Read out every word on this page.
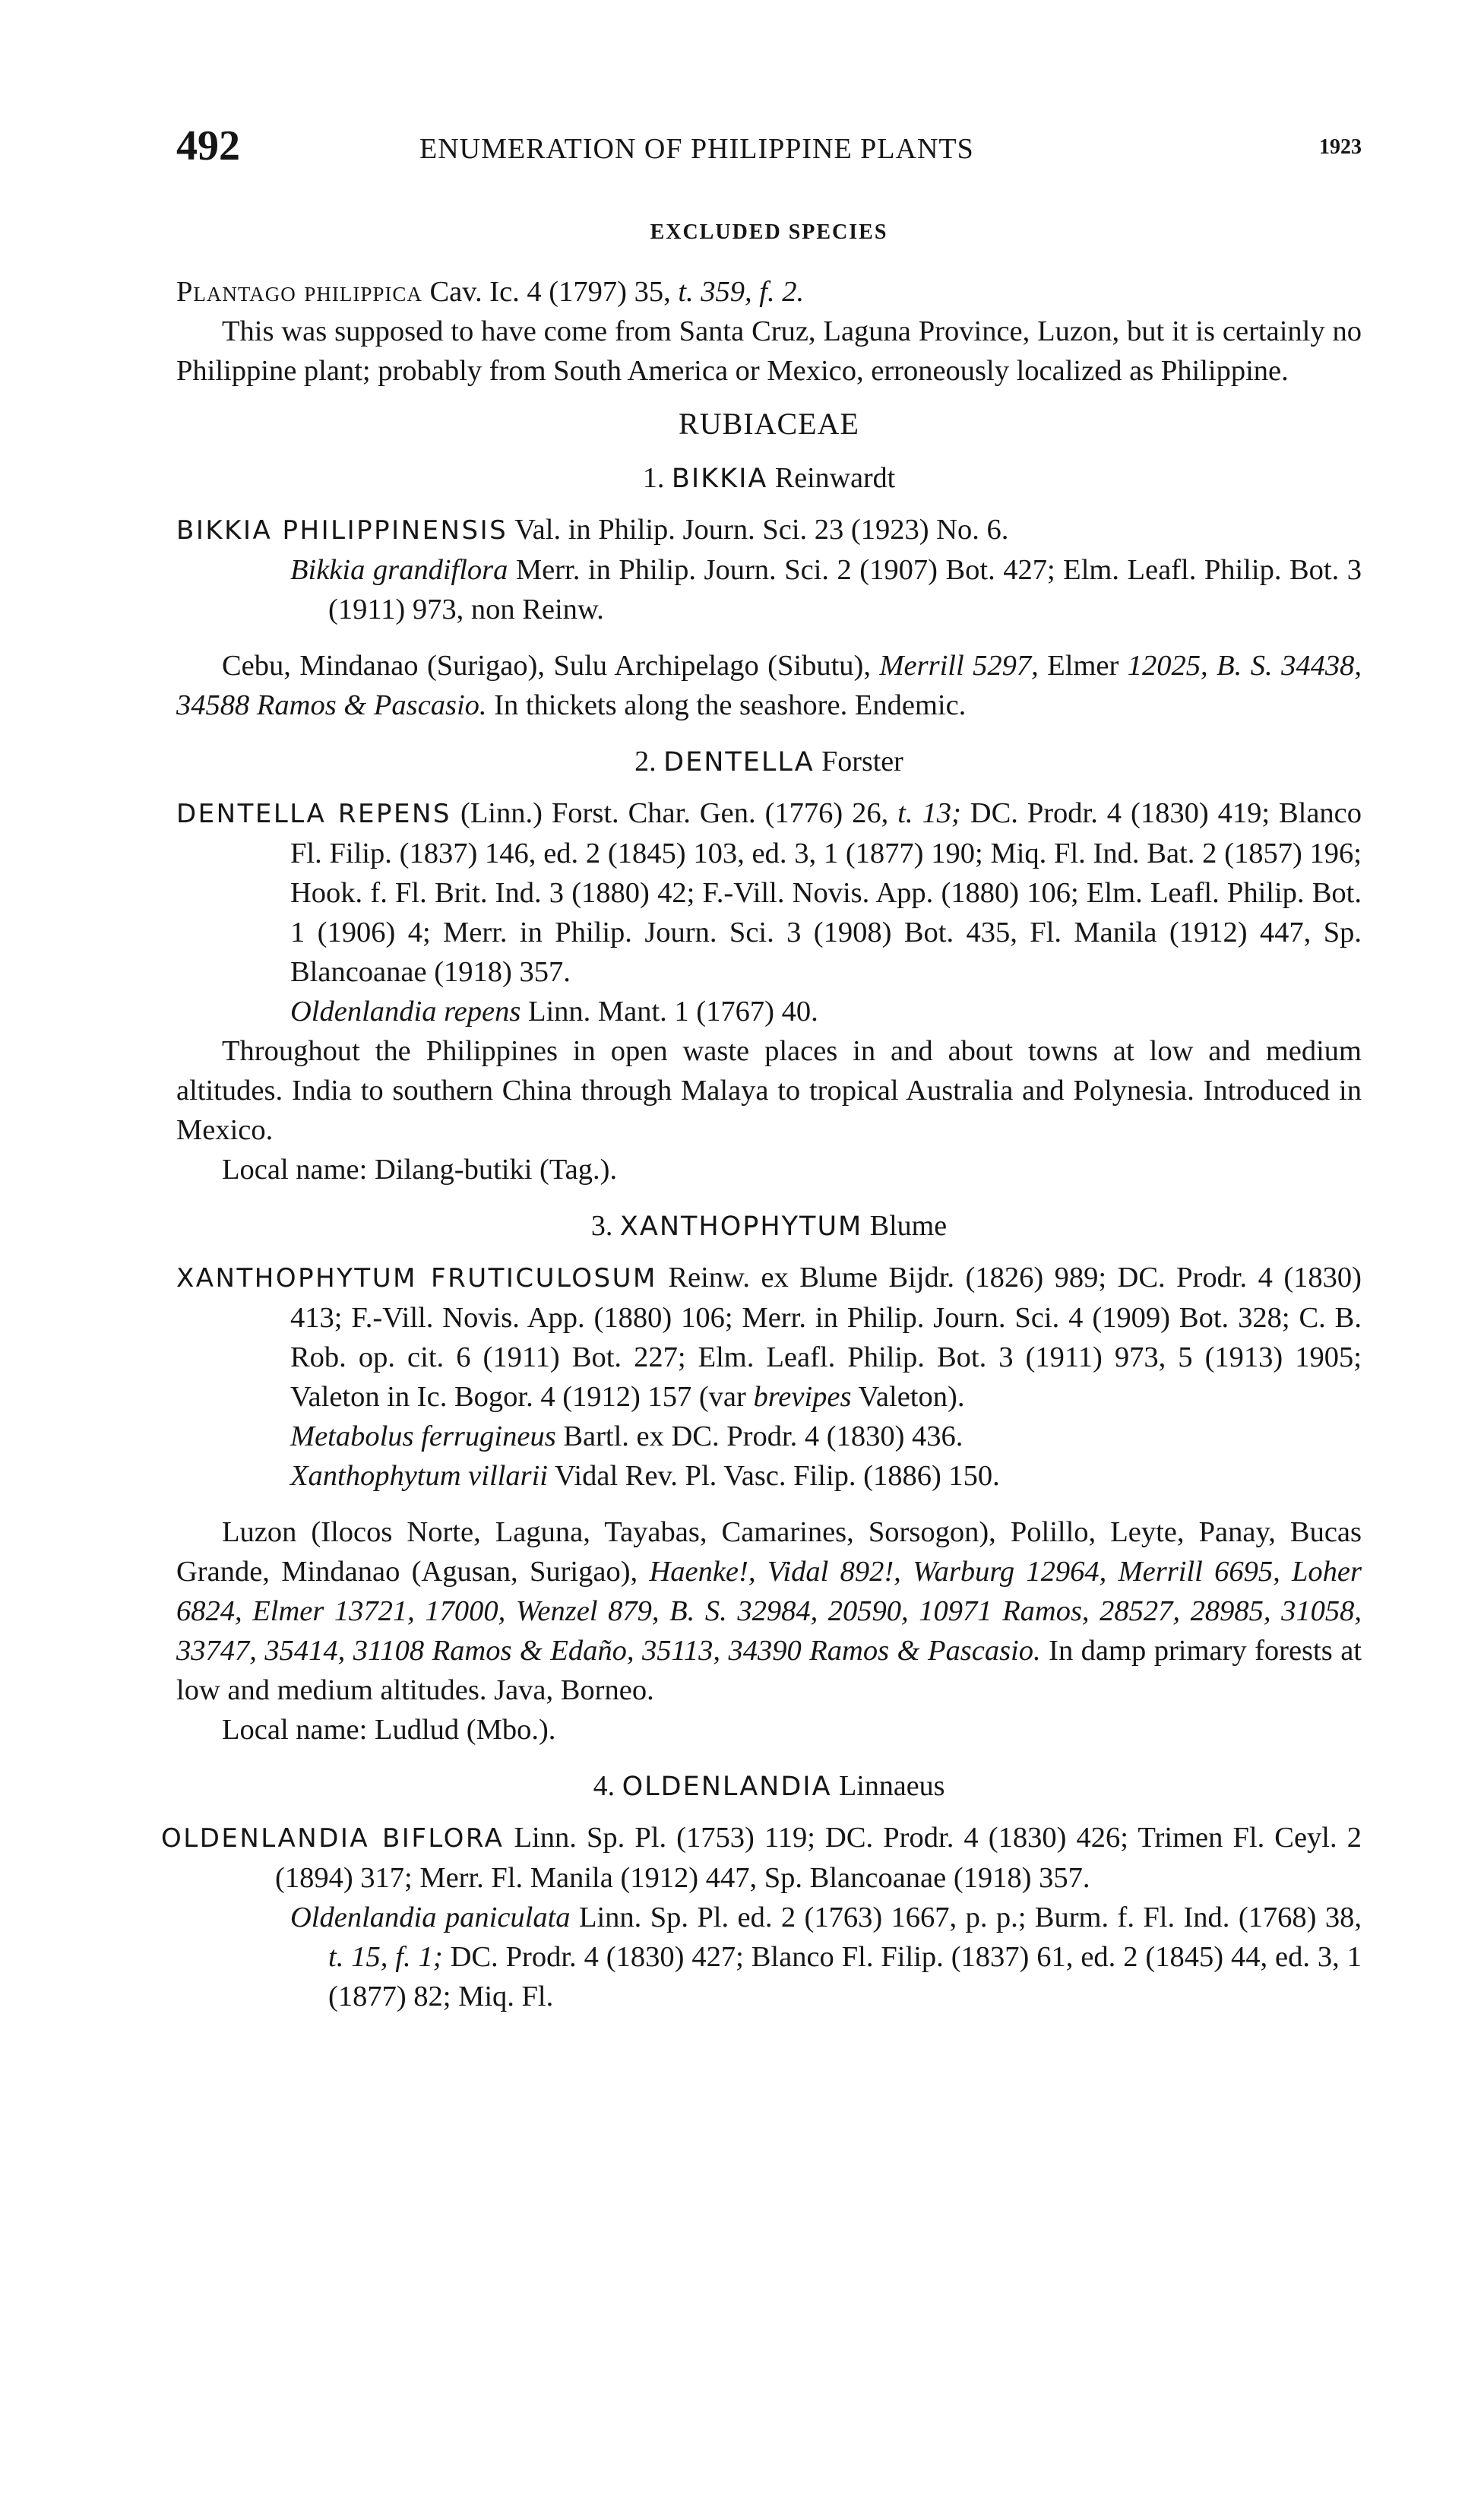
492	ENUMERATION OF PHILIPPINE PLANTS	1923
EXCLUDED SPECIES
Plantago philippica Cav. Ic. 4 (1797) 35, t. 359, f. 2.
This was supposed to have come from Santa Cruz, Laguna Province, Luzon, but it is certainly no Philippine plant; probably from South America or Mexico, erroneously localized as Philippine.
RUBIACEAE
1. BIKKIA Reinwardt
BIKKIA PHILIPPINENSIS Val. in Philip. Journ. Sci. 23 (1923) No. 6.
Bikkia grandiflora Merr. in Philip. Journ. Sci. 2 (1907) Bot. 427; Elm. Leafl. Philip. Bot. 3 (1911) 973, non Reinw.
Cebu, Mindanao (Surigao), Sulu Archipelago (Sibutu), Merrill 5297, Elmer 12025, B. S. 34438, 34588 Ramos & Pascasio. In thickets along the seashore. Endemic.
2. DENTELLA Forster
DENTELLA REPENS (Linn.) Forst. Char. Gen. (1776) 26, t. 13; DC. Prodr. 4 (1830) 419; Blanco Fl. Filip. (1837) 146, ed. 2 (1845) 103, ed. 3, 1 (1877) 190; Miq. Fl. Ind. Bat. 2 (1857) 196; Hook. f. Fl. Brit. Ind. 3 (1880) 42; F.-Vill. Novis. App. (1880) 106; Elm. Leafl. Philip. Bot. 1 (1906) 4; Merr. in Philip. Journ. Sci. 3 (1908) Bot. 435, Fl. Manila (1912) 447, Sp. Blancoanae (1918) 357.
Oldenlandia repens Linn. Mant. 1 (1767) 40.
Throughout the Philippines in open waste places in and about towns at low and medium altitudes. India to southern China through Malaya to tropical Australia and Polynesia. Introduced in Mexico.
Local name: Dilang-butiki (Tag.).
3. XANTHOPHYTUM Blume
XANTHOPHYTUM FRUTICULOSUM Reinw. ex Blume Bijdr. (1826) 989; DC. Prodr. 4 (1830) 413; F.-Vill. Novis. App. (1880) 106; Merr. in Philip. Journ. Sci. 4 (1909) Bot. 328; C. B. Rob. op. cit. 6 (1911) Bot. 227; Elm. Leafl. Philip. Bot. 3 (1911) 973, 5 (1913) 1905; Valeton in Ic. Bogor. 4 (1912) 157 (var brevipes Valeton).
Metabolus ferrugineus Bartl. ex DC. Prodr. 4 (1830) 436.
Xanthophytum villarii Vidal Rev. Pl. Vasc. Filip. (1886) 150.
Luzon (Ilocos Norte, Laguna, Tayabas, Camarines, Sorsogon), Polillo, Leyte, Panay, Bucas Grande, Mindanao (Agusan, Surigao), Haenke!, Vidal 892!, Warburg 12964, Merrill 6695, Loher 6824, Elmer 13721, 17000, Wenzel 879, B. S. 32984, 20590, 10971 Ramos, 28527, 28985, 31058, 33747, 35414, 31108 Ramos & Edaño, 35113, 34390 Ramos & Pascasio. In damp primary forests at low and medium altitudes. Java, Borneo.
Local name: Ludlud (Mbo.).
4. OLDENLANDIA Linnaeus
OLDENLANDIA BIFLORA Linn. Sp. Pl. (1753) 119; DC. Prodr. 4 (1830) 426; Trimen Fl. Ceyl. 2 (1894) 317; Merr. Fl. Manila (1912) 447, Sp. Blancoanae (1918) 357.
Oldenlandia paniculata Linn. Sp. Pl. ed. 2 (1763) 1667, p. p.; Burm. f. Fl. Ind. (1768) 38, t. 15, f. 1; DC. Prodr. 4 (1830) 427; Blanco Fl. Filip. (1837) 61, ed. 2 (1845) 44, ed. 3, 1 (1877) 82; Miq. Fl.
